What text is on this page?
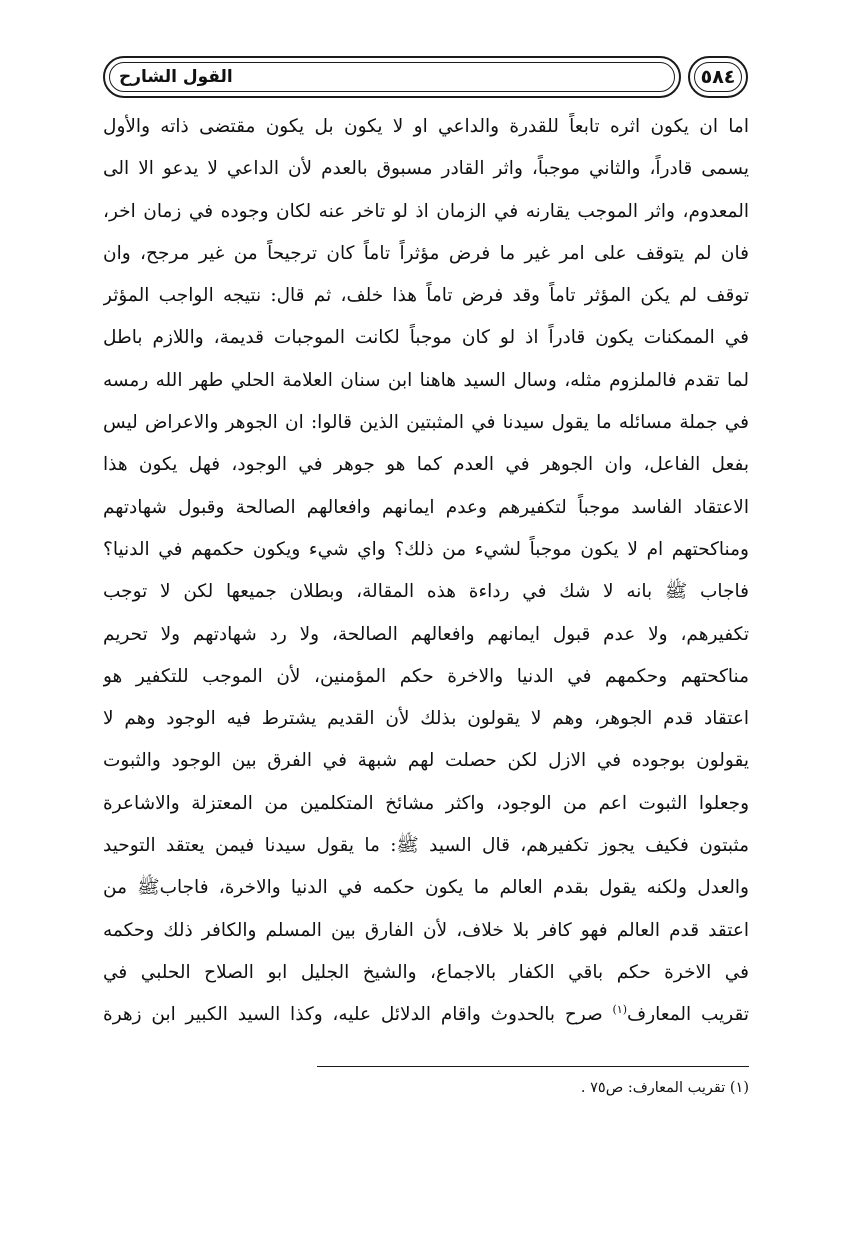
القول الشارح	٥٨٤
اما ان يكون اثره تابعاً للقدرة والداعي او لا يكون بل يكون مقتضى ذاته والأول
يسمى قادراً، والثاني موجباً، واثر القادر مسبوق بالعدم لأن الداعي لا يدعو الا الى
المعدوم، واثر الموجب يقارنه في الزمان اذ لو تاخر عنه لكان وجوده في زمان اخر،
فان لم يتوقف على امر غير ما فرض مؤثراً تاماً كان ترجيحاً من غير مرجح، وان
توقف لم يكن المؤثر تاماً وقد فرض تاماً هذا خلف، ثم قال: نتيجه الواجب المؤثر
في الممكنات يكون قادراً اذ لو كان موجباً لكانت الموجبات قديمة، واللازم باطل
لما تقدم فالملزوم مثله، وسال السيد هاهنا ابن سنان العلامة الحلي طهر الله رمسه
في جملة مسائله ما يقول سيدنا في المثبتين الذين قالوا: ان الجوهر والاعراض ليس
بفعل الفاعل، وان الجوهر في العدم كما هو جوهر في الوجود، فهل يكون هذا
الاعتقاد الفاسد موجباً لتكفيرهم وعدم ايمانهم وافعالهم الصالحة وقبول شهادتهم
ومناكحتهم ام لا يكون موجباً لشيء من ذلك؟ واي شيء ويكون حكمهم في الدنيا؟
فاجاب ﷺ بانه لا شك في رداءة هذه المقالة، وبطلان جميعها لكن لا توجب
تكفيرهم، ولا عدم قبول ايمانهم وافعالهم الصالحة، ولا رد شهادتهم ولا تحريم
مناكحتهم وحكمهم في الدنيا والاخرة حكم المؤمنين، لأن الموجب للتكفير هو
اعتقاد قدم الجوهر، وهم لا يقولون بذلك لأن القديم يشترط فيه الوجود وهم لا
يقولون بوجوده في الازل لكن حصلت لهم شبهة في الفرق بين الوجود والثبوت
وجعلوا الثبوت اعم من الوجود، واكثر مشائخ المتكلمين من المعتزلة والاشاعرة
مثبتون فكيف يجوز تكفيرهم، قال السيد ﷺ: ما يقول سيدنا فيمن يعتقد التوحيد
والعدل ولكنه يقول بقدم العالم ما يكون حكمه في الدنيا والاخرة، فاجابﷺ من
اعتقد قدم العالم فهو كافر بلا خلاف، لأن الفارق بين المسلم والكافر ذلك وحكمه
في الاخرة حكم باقي الكفار بالاجماع، والشيخ الجليل ابو الصلاح الحلبي في
تقريب المعارف$^{(١)}$ صرح بالحدوث واقام الدلائل عليه، وكذا السيد الكبير ابن زهرة
(١) تقريب المعارف: ص٧٥ .
